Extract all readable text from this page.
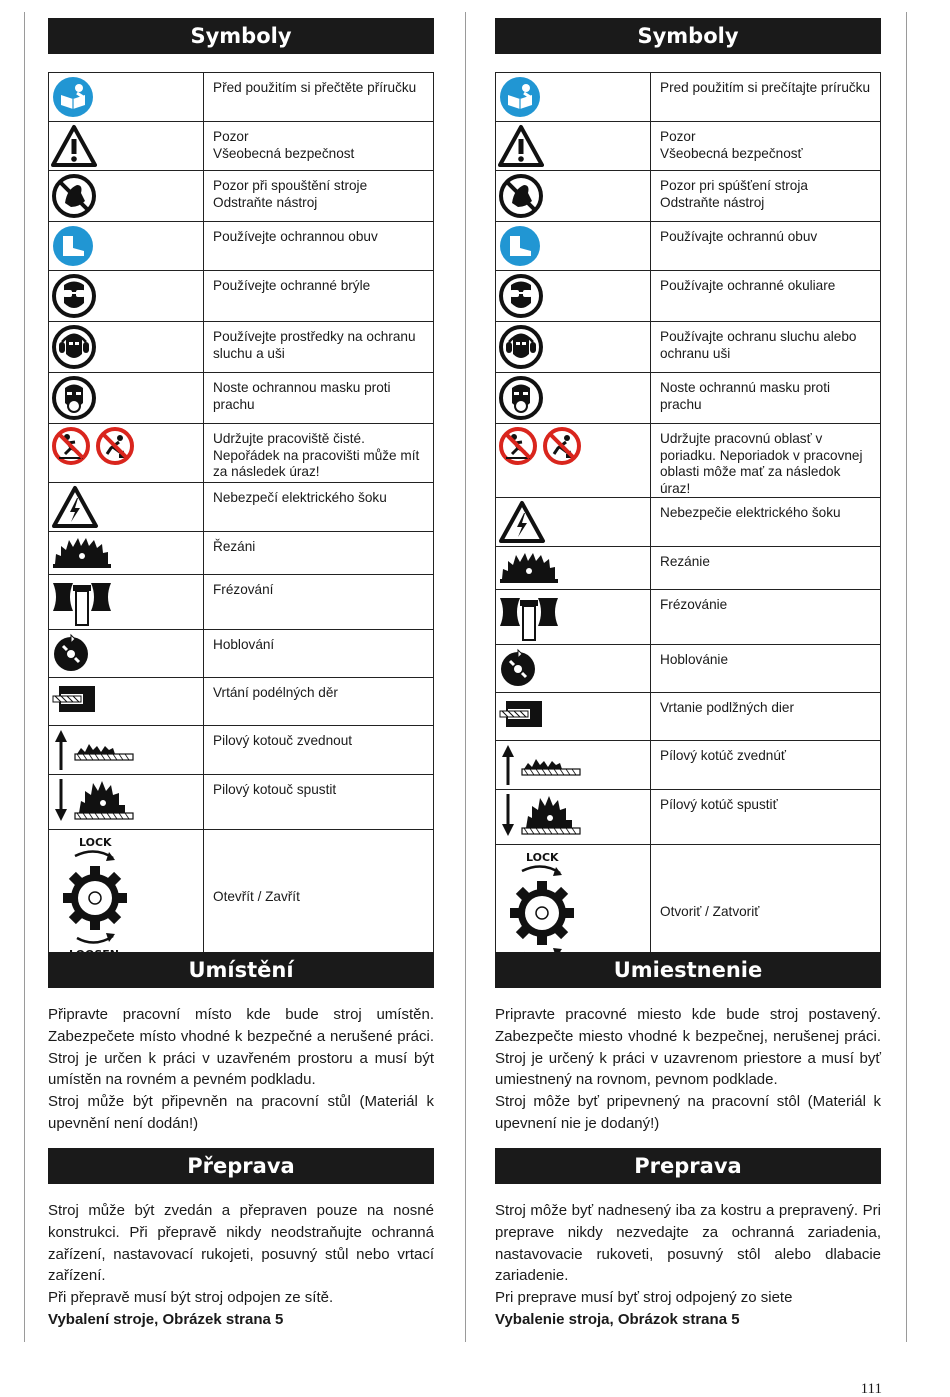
Symboly
	Před použitím si přečtěte příručku

	Pozor
Všeobecná bezpečnost

	Pozor při spouštění stroje
Odstraňte nástroj

	Používejte ochrannou obuv

	Používejte ochranné brýle

	Používejte prostředky na ochranu sluchu a uši

	Noste ochrannou masku proti prachu

	Udržujte pracoviště čisté.
Nepořádek na pracovišti může mít za následek úraz!

	Nebezpečí elektrického šoku

	Řezáni

	Frézování

	Hoblování

	Vrtání podélných děr

	Pilový kotouč zvednout

	Pilový kotouč spustit

LOCK	Otevřít / Zavřít
Umístění

Připravte pracovní místo kde bude stroj umístěn. Zabezpečete místo vhodné k bezpečné a nerušené práci. Stroj je určen k práci v uzavřeném prostoru a musí být umístěn na rovném a pevném podkladu.

Stroj může být připevněn na pracovní stůl (Materiál k upevnění není dodán!)

Přeprava

Stroj může být zvedán a přepraven pouze na nosné konstrukci. Při přepravě nikdy neodstraňujte ochranná zařízení, nastavovací rukojeti, posuvný stůl nebo vrtací zařízení.

Při přepravě musí být stroj odpojen ze sítě.

Vybalení stroje, Obrázek strana 5

Symboly
	Pred použitím si prečítajte príručku

	Pozor
Všeobecná bezpečnosť

	Pozor pri spúšťení stroja
Odstraňte nástroj

	Používajte ochrannú obuv

	Používajte ochranné okuliare

	Používajte ochranu sluchu alebo ochranu uši

	Noste ochrannú masku proti prachu

	Udržujte pracovnú oblasť v poriadku. Neporiadok v pracovnej oblasti môže mať za následok úraz!

	Nebezpečie elektrického šoku

	Rezánie

	Frézovánie

	Hoblovánie

	Vrtanie podlžných dier

	Pílový kotúč zvednúť

	Pílový kotúč spustiť

LOCK	Otvoriť / Zatvoriť
Umiestnenie

Pripravte pracovné miesto kde bude stroj postavený. Zabezpečte miesto vhodné k bezpečnej, nerušenej práci. Stroj je určený k práci v uzavrenom priestore a musí byť umiestnený na rovnom, pevnom podklade.

Stroj môže byť pripevnený na pracovní stôl (Materiál k upevnení nie je dodaný!)

Preprava

Stroj môže byť nadnesený iba za kostru a prepravený. Pri preprave nikdy nezvedajte za ochranná zariadenia, nastavovacie rukoveti, posuvný stôl alebo dlabacie zariadenie.

Pri preprave musí byť stroj odpojený zo siete

Vybalenie stroja, Obrázok strana 5

111
